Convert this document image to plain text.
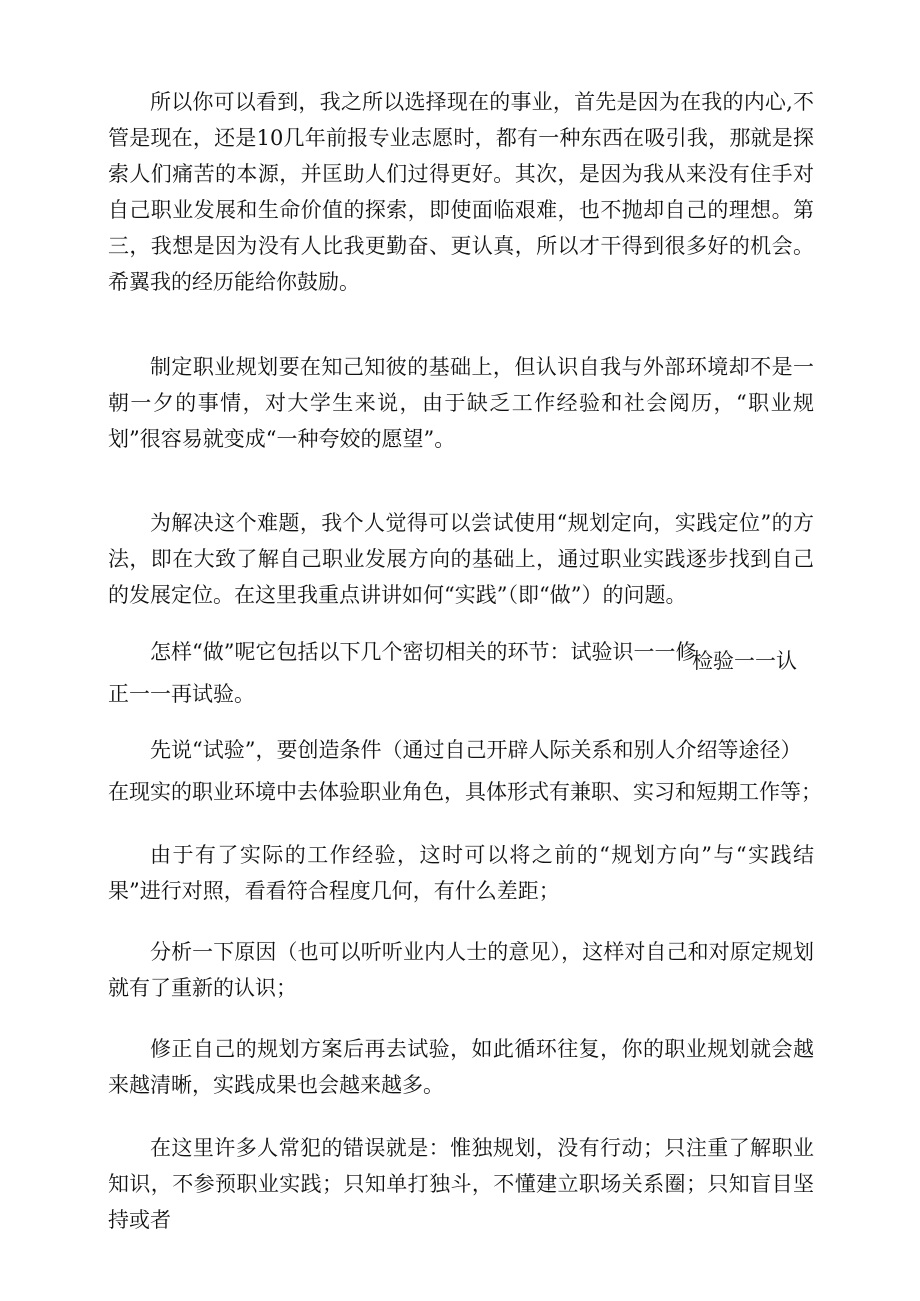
所以你可以看到，我之所以选择现在的事业，首先是因为在我的内心,不管是现在，还是10几年前报专业志愿时，都有一种东西在吸引我，那就是探索人们痛苦的本源，并匡助人们过得更好。其次，是因为我从来没有住手对自己职业发展和生命价值的探索，即使面临艰难，也不抛却自己的理想。第三，我想是因为没有人比我更勤奋、更认真，所以才干得到很多好的机会。希翼我的经历能给你鼓励。

制定职业规划要在知己知彼的基础上，但认识自我与外部环境却不是一朝一夕的事情，对大学生来说，由于缺乏工作经验和社会阅历，“职业规划”很容易就变成“一种夸姣的愿望”。

为解决这个难题，我个人觉得可以尝试使用“规划定向，实践定位”的方法，即在大致了解自己职业发展方向的基础上，通过职业实践逐步找到自己的发展定位。在这里我重点讲讲如何“实践”（即“做”）的问题。

怎样“做”呢它包括以下几个密切相关的环节：试验识一一修

检验一一认

正一一再试验。

先说“试验”，要创造条件（通过自己开辟人际关系和别人介绍等途径）

在现实的职业环境中去体验职业角色，具体形式有兼职、实习和短期工作等；

由于有了实际的工作经验，这时可以将之前的“规划方向”与“实践结果”进行对照，看看符合程度几何，有什么差距；

分析一下原因（也可以听听业内人士的意见），这样对自己和对原定规划就有了重新的认识；

修正自己的规划方案后再去试验，如此循环往复，你的职业规划就会越来越清晰，实践成果也会越来越多。

在这里许多人常犯的错误就是：惟独规划，没有行动；只注重了解职业知识，不参预职业实践；只知单打独斗，不懂建立职场关系圈；只知盲目坚持或者
